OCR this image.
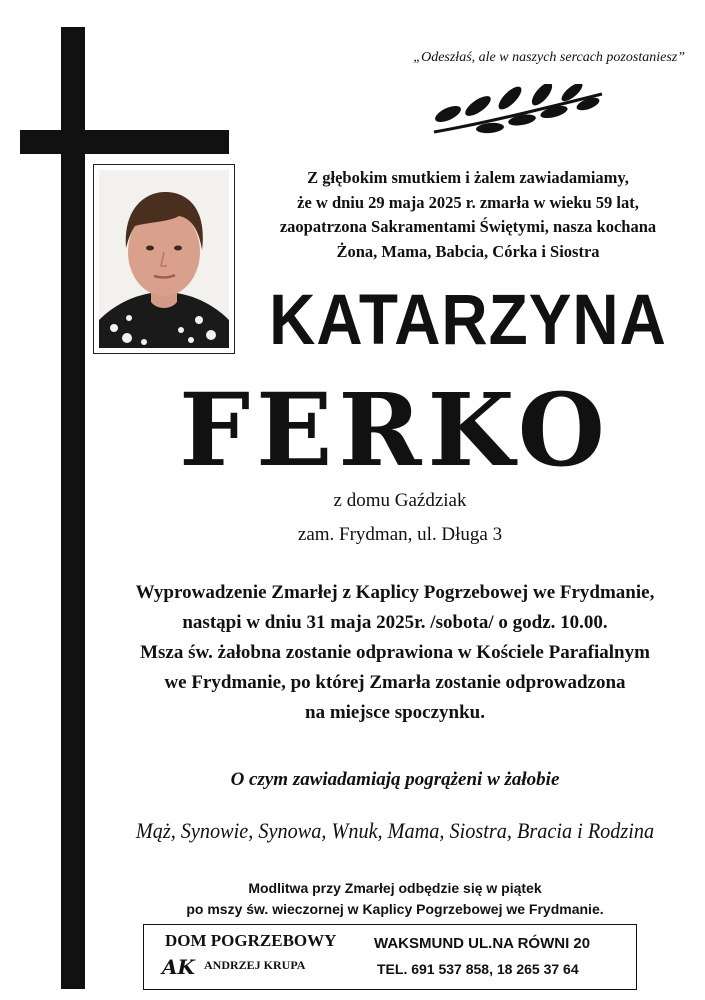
„Odeszłaś, ale w naszych sercach pozostaniesz”
Z głębokim smutkiem i żalem zawiadamiamy,
że w dniu 29 maja 2025 r. zmarła w wieku 59 lat,
zaopatrzona Sakramentami Świętymi, nasza kochana
Żona, Mama, Babcia, Córka i Siostra
KATARZYNA
FERKO
z domu Gaździak
zam. Frydman, ul. Długa 3
Wyprowadzenie Zmarłej z Kaplicy Pogrzebowej we Frydmanie,
nastąpi w dniu 31 maja 2025r. /sobota/ o godz. 10.00.
Msza św. żałobna zostanie odprawiona w Kościele Parafialnym
we Frydmanie, po której Zmarła zostanie odprowadzona
na miejsce spoczynku.
O czym zawiadamiają pogrążeni w żałobie
Mąż, Synowie, Synowa, Wnuk, Mama, Siostra, Bracia i Rodzina
Modlitwa przy Zmarłej odbędzie się w piątek
po mszy św. wieczornej w Kaplicy Pogrzebowej we Frydmanie.
DOM POGRZEBOWY
AK ANDRZEJ KRUPA
WAKSMUND UL.NA RÓWNI 20
TEL. 691 537 858, 18 265 37 64
